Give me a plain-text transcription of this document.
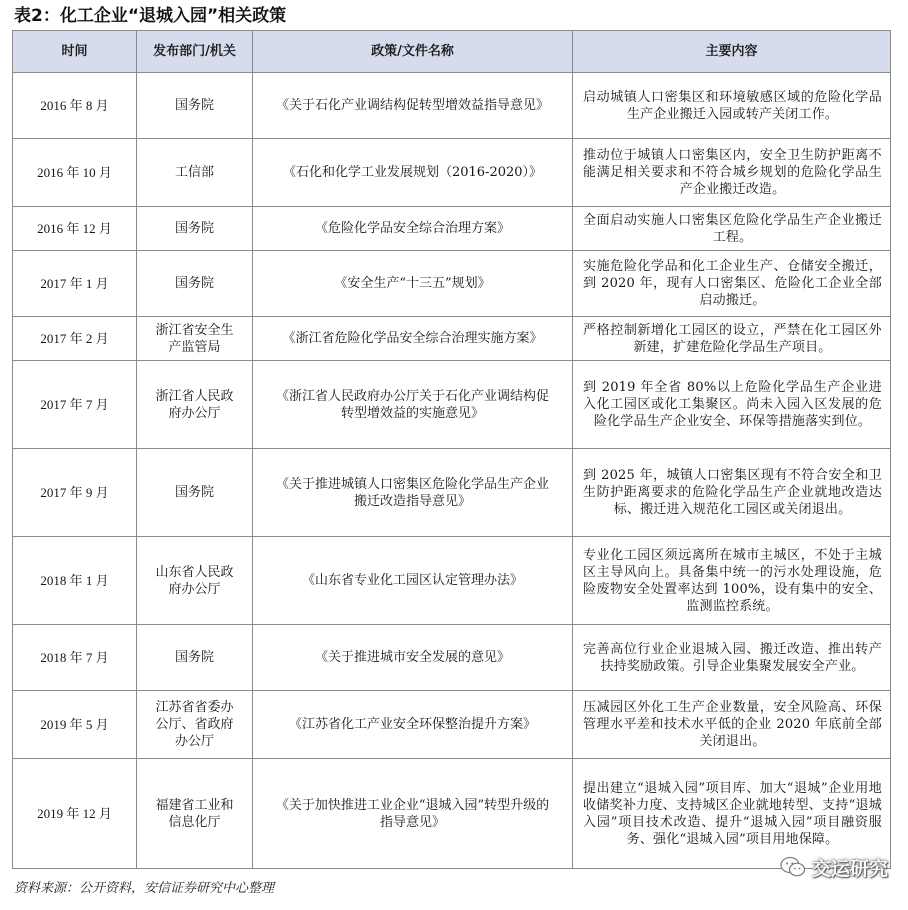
表2：化工企业“退城入园”相关政策
时间	发布部门/机关	政策/文件名称	主要内容
2016 年 8 月	国务院	《关于石化产业调结构促转型增效益指导意见》	启动城镇人口密集区和环境敏感区域的危险化学品生产企业搬迁入园或转产关闭工作。
2016 年 10 月	工信部	《石化和化学工业发展规划（2016-2020）》	推动位于城镇人口密集区内，安全卫生防护距离不能满足相关要求和不符合城乡规划的危险化学品生产企业搬迁改造。
2016 年 12 月	国务院	《危险化学品安全综合治理方案》	全面启动实施人口密集区危险化学品生产企业搬迁工程。
2017 年 1 月	国务院	《安全生产“十三五”规划》	实施危险化学品和化工企业生产、仓储安全搬迁，到 2020 年，现有人口密集区、危险化工企业全部启动搬迁。
2017 年 2 月	浙江省安全生产监管局	《浙江省危险化学品安全综合治理实施方案》	严格控制新增化工园区的设立，严禁在化工园区外新建，扩建危险化学品生产项目。
2017 年 7 月	浙江省人民政府办公厅	《浙江省人民政府办公厅关于石化产业调结构促转型增效益的实施意见》	到 2019 年全省 80%以上危险化学品生产企业进入化工园区或化工集聚区。尚未入园入区发展的危险化学品生产企业安全、环保等措施落实到位。
2017 年 9 月	国务院	《关于推进城镇人口密集区危险化学品生产企业搬迁改造指导意见》	到 2025 年，城镇人口密集区现有不符合安全和卫生防护距离要求的危险化学品生产企业就地改造达标、搬迁进入规范化工园区或关闭退出。
2018 年 1 月	山东省人民政府办公厅	《山东省专业化工园区认定管理办法》	专业化工园区须远离所在城市主城区，不处于主城区主导风向上。具备集中统一的污水处理设施，危险废物安全处置率达到 100%，设有集中的安全、监测监控系统。
2018 年 7 月	国务院	《关于推进城市安全发展的意见》	完善高位行业企业退城入园、搬迁改造、推出转产扶持奖励政策。引导企业集聚发展安全产业。
2019 年 5 月	江苏省省委办公厅、省政府办公厅	《江苏省化工产业安全环保整治提升方案》	压减园区外化工生产企业数量，安全风险高、环保管理水平差和技术水平低的企业 2020 年底前全部关闭退出。
2019 年 12 月	福建省工业和信息化厅	《关于加快推进工业企业“退城入园”转型升级的指导意见》	提出建立“退城入园”项目库、加大“退城”企业用地收储奖补力度、支持城区企业就地转型、支持“退城入园”项目技术改造、提升“退城入园”项目融资服务、强化“退城入园”项目用地保障。
资料来源：公开资料，安信证券研究中心整理
交运研究
